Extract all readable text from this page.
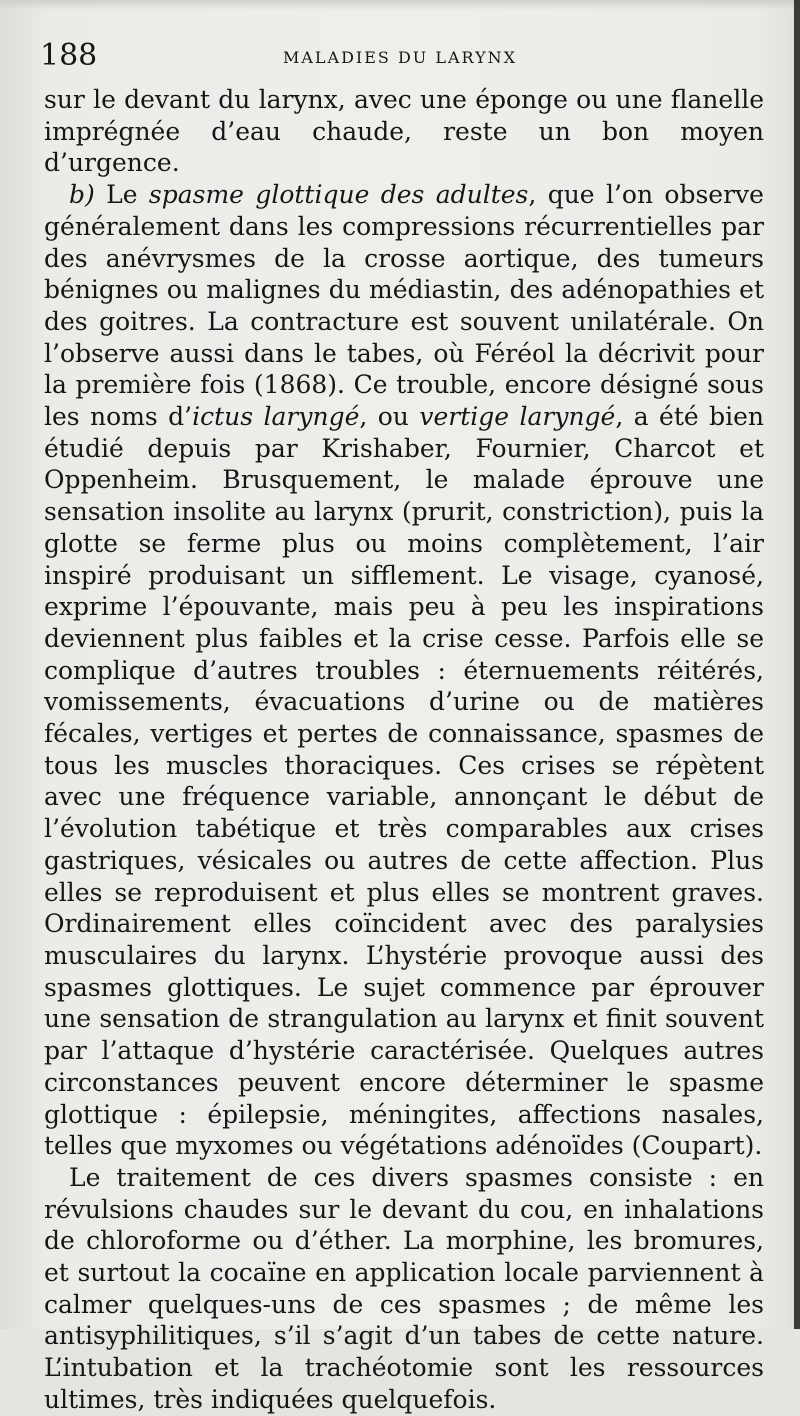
188	MALADIES DU LARYNX

sur le devant du larynx, avec une éponge ou une flanelle imprégnée d’eau chaude, reste un bon moyen d’urgence.

b) Le spasme glottique des adultes, que l’on observe généralement dans les compressions récurrentielles par des anévrysmes de la crosse aortique, des tumeurs bénignes ou malignes du médiastin, des adénopathies et des goitres. La contracture est souvent unilatérale. On l’observe aussi dans le tabes, où Féréol la décrivit pour la première fois (1868). Ce trouble, encore désigné sous les noms d’ictus laryngé, ou vertige laryngé, a été bien étudié depuis par Krishaber, Fournier, Charcot et Oppenheim. Brusquement, le malade éprouve une sensation insolite au larynx (prurit, constriction), puis la glotte se ferme plus ou moins complètement, l’air inspiré produisant un sifflement. Le visage, cyanosé, exprime l’épouvante, mais peu à peu les inspirations deviennent plus faibles et la crise cesse. Parfois elle se complique d’autres troubles : éternuements réitérés, vomissements, évacuations d’urine ou de matières fécales, vertiges et pertes de connaissance, spasmes de tous les muscles thoraciques. Ces crises se répètent avec une fréquence variable, annonçant le début de l’évolution tabétique et très comparables aux crises gastriques, vésicales ou autres de cette affection. Plus elles se reproduisent et plus elles se montrent graves. Ordinairement elles coïncident avec des paralysies musculaires du larynx. L’hystérie provoque aussi des spasmes glottiques. Le sujet commence par éprouver une sensation de strangulation au larynx et finit souvent par l’attaque d’hystérie caractérisée. Quelques autres circonstances peuvent encore déterminer le spasme glottique : épilepsie, méningites, affections nasales, telles que myxomes ou végétations adénoïdes (Coupart).

Le traitement de ces divers spasmes consiste : en révulsions chaudes sur le devant du cou, en inhalations de chloroforme ou d’éther. La morphine, les bromures, et surtout la cocaïne en application locale parviennent à calmer quelques-uns de ces spasmes ; de même les antisyphilitiques, s’il s’agit d’un tabes de cette nature. L’intubation et la trachéotomie sont les ressources ultimes, très indiquées quelquefois.
